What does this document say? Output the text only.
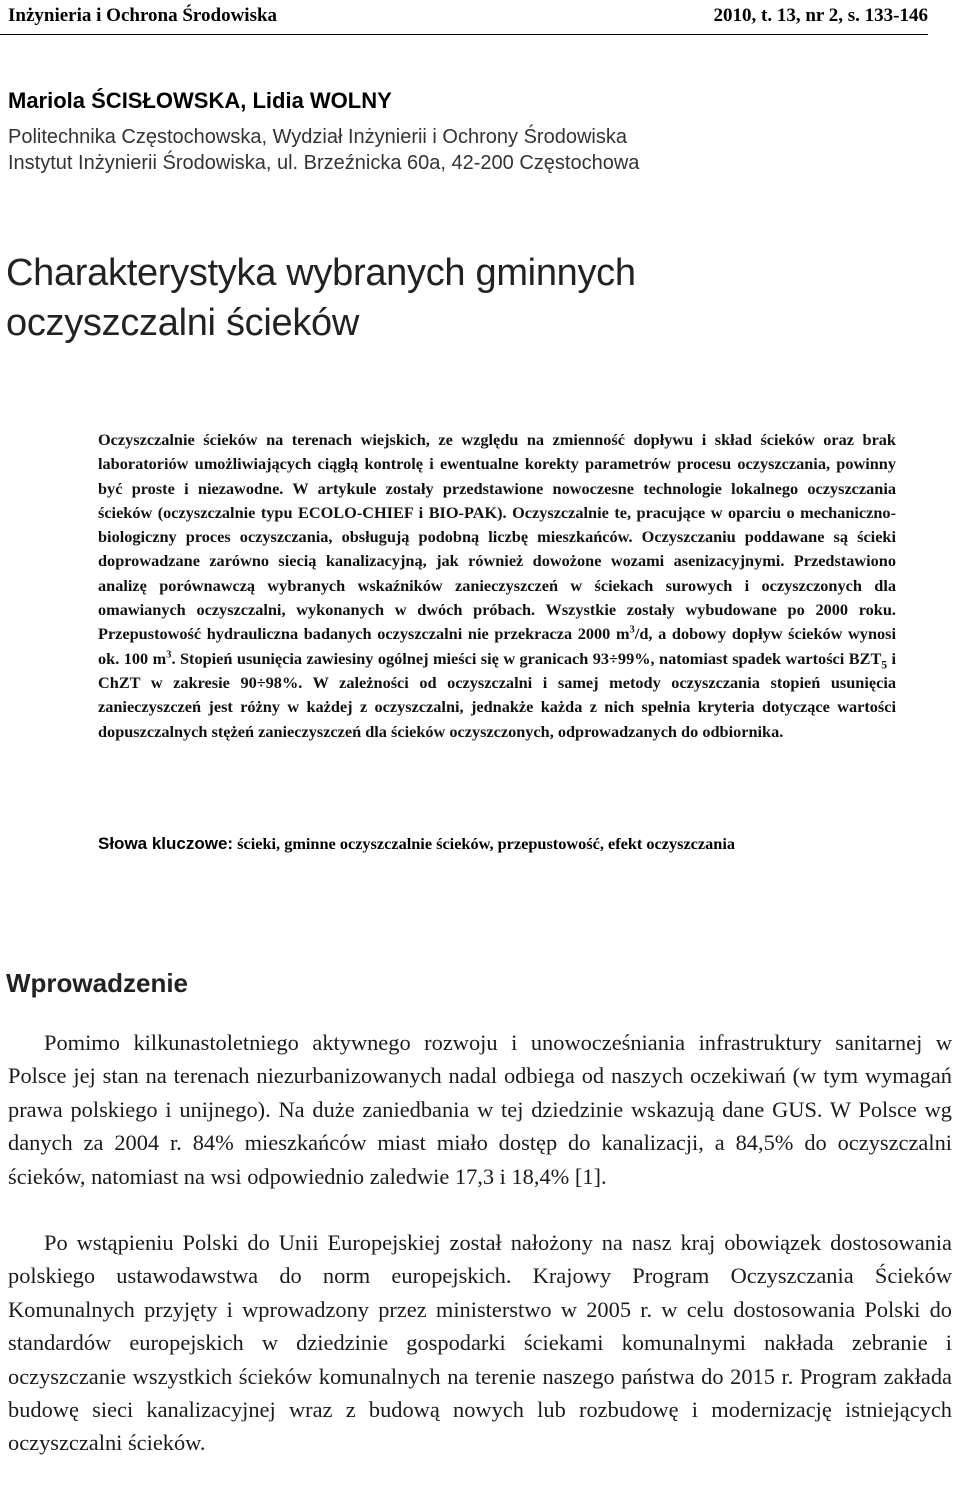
Inżynieria i Ochrona Środowiska	2010, t. 13, nr 2, s. 133-146
Mariola ŚCISŁOWSKA, Lidia WOLNY
Politechnika Częstochowska, Wydział Inżynierii i Ochrony Środowiska
Instytut Inżynierii Środowiska, ul. Brzeźnicka 60a, 42-200 Częstochowa
Charakterystyka wybranych gminnych
oczyszczalni ścieków
Oczyszczalnie ścieków na terenach wiejskich, ze względu na zmienność dopływu i skład ścieków oraz brak laboratoriów umożliwiających ciągłą kontrolę i ewentualne korekty parametrów procesu oczyszczania, powinny być proste i niezawodne. W artykule zostały przedstawione nowoczesne technologie lokalnego oczyszczania ścieków (oczyszczalnie typu ECOLO-CHIEF i BIO-PAK). Oczyszczalnie te, pracujące w oparciu o mechaniczno-biologiczny proces oczyszczania, obsługują podobną liczbę mieszkańców. Oczyszczaniu poddawane są ścieki doprowadzane zarówno siecią kanalizacyjną, jak również dowożone wozami asenizacyjnymi. Przedstawiono analizę porównawczą wybranych wskaźników zanieczyszczeń w ściekach surowych i oczyszczonych dla omawianych oczyszczalni, wykonanych w dwóch próbach. Wszystkie zostały wybudowane po 2000 roku. Przepustowość hydrauliczna badanych oczyszczalni nie przekracza 2000 $m^3/d$, a dobowy dopływ ścieków wynosi ok. 100 $m^3$. Stopień usunięcia zawiesiny ogólnej mieści się w granicach 93÷99%, natomiast spadek wartości $BZT_5$ i ChZT w zakresie 90÷98%. W zależności od oczyszczalni i samej metody oczyszczania stopień usunięcia zanieczyszczeń jest różny w każdej z oczyszczalni, jednakże każda z nich spełnia kryteria dotyczące wartości dopuszczalnych stężeń zanieczyszczeń dla ścieków oczyszczonych, odprowadzanych do odbiornika.
Słowa kluczowe: ścieki, gminne oczyszczalnie ścieków, przepustowość, efekt oczyszczania
Wprowadzenie
Pomimo kilkunastoletniego aktywnego rozwoju i unowocześniania infrastruktury sanitarnej w Polsce jej stan na terenach niezurbanizowanych nadal odbiega od naszych oczekiwań (w tym wymagań prawa polskiego i unijnego). Na duże zaniedbania w tej dziedzinie wskazują dane GUS. W Polsce wg danych za 2004 r. 84% mieszkańców miast miało dostęp do kanalizacji, a 84,5% do oczyszczalni ścieków, natomiast na wsi odpowiednio zaledwie 17,3 i 18,4% [1].
Po wstąpieniu Polski do Unii Europejskiej został nałożony na nasz kraj obowiązek dostosowania polskiego ustawodawstwa do norm europejskich. Krajowy Program Oczyszczania Ścieków Komunalnych przyjęty i wprowadzony przez ministerstwo w 2005 r. w celu dostosowania Polski do standardów europejskich w dziedzinie gospodarki ściekami komunalnymi nakłada zebranie i oczyszczanie wszystkich ścieków komunalnych na terenie naszego państwa do 2015 r. Program zakłada budowę sieci kanalizacyjnej wraz z budową nowych lub rozbudowę i modernizację istniejących oczyszczalni ścieków.
